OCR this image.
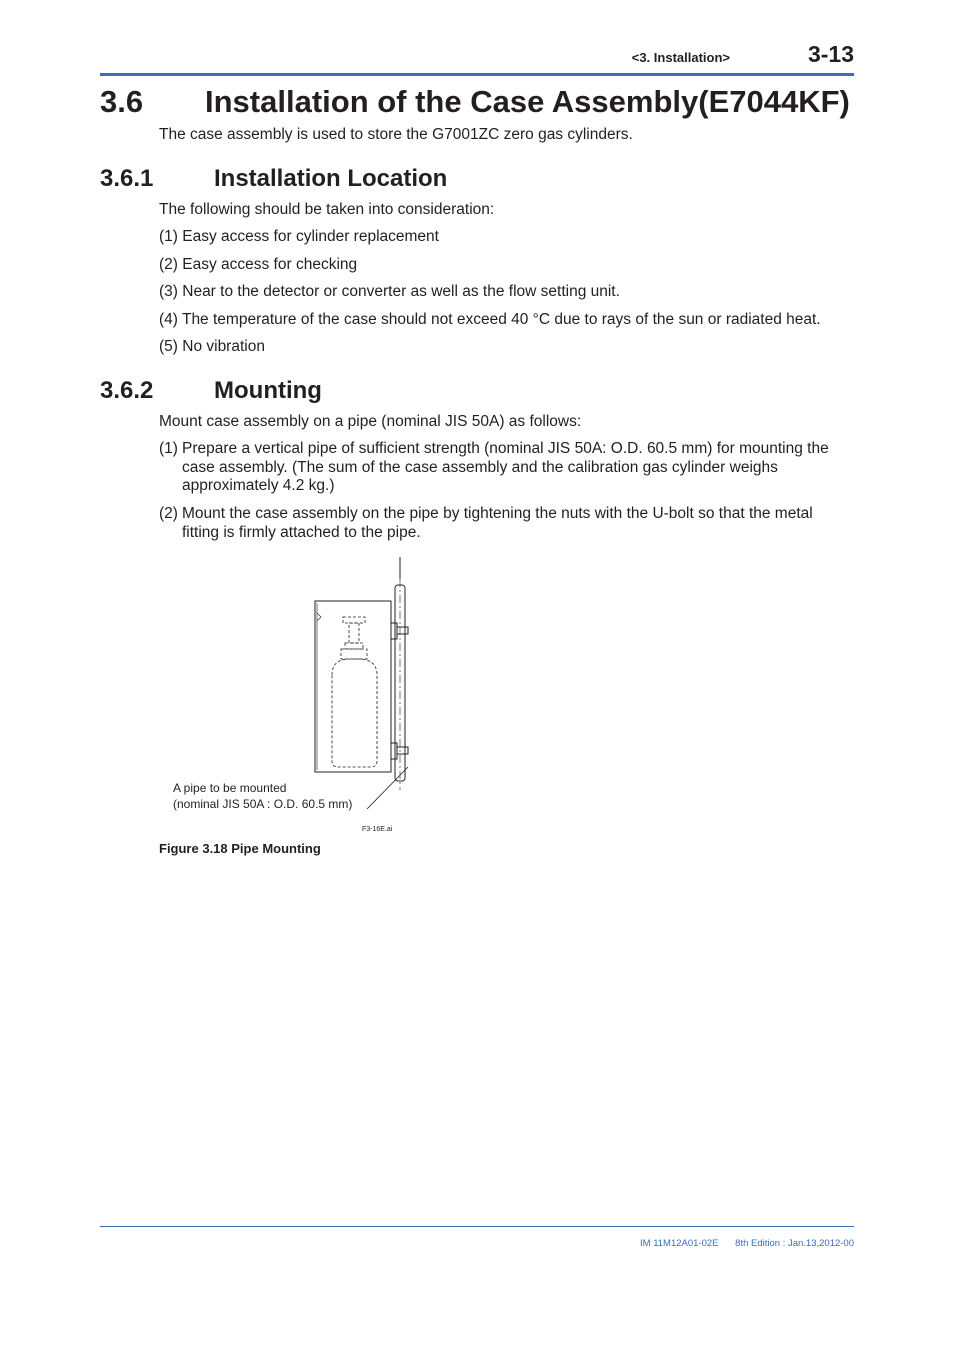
<3. Installation>	3-13
3.6 Installation of the Case Assembly(E7044KF)
The case assembly is used to store the G7001ZC zero gas cylinders.
3.6.1	Installation Location
The following should be taken into consideration:
(1) Easy access for cylinder replacement
(2) Easy access for checking
(3) Near to the detector or converter as well as the flow setting unit.
(4) The temperature of the case should not exceed 40 °C due to rays of the sun or radiated heat.
(5) No vibration
3.6.2	Mounting
Mount case assembly on a pipe (nominal JIS 50A) as follows:
(1) Prepare a vertical pipe of sufficient strength (nominal JIS 50A: O.D. 60.5 mm) for mounting the case assembly. (The sum of the case assembly and the calibration gas cylinder weighs approximately 4.2 kg.)
(2) Mount the case assembly on the pipe by tightening the nuts with the U-bolt so that the metal fitting is firmly attached to the pipe.
A pipe to be mounted
(nominal JIS 50A : O.D. 60.5 mm)
F3-16E.ai
Figure 3.18 Pipe Mounting
IM 11M12A01-02E 8th Edition : Jan.13,2012-00
